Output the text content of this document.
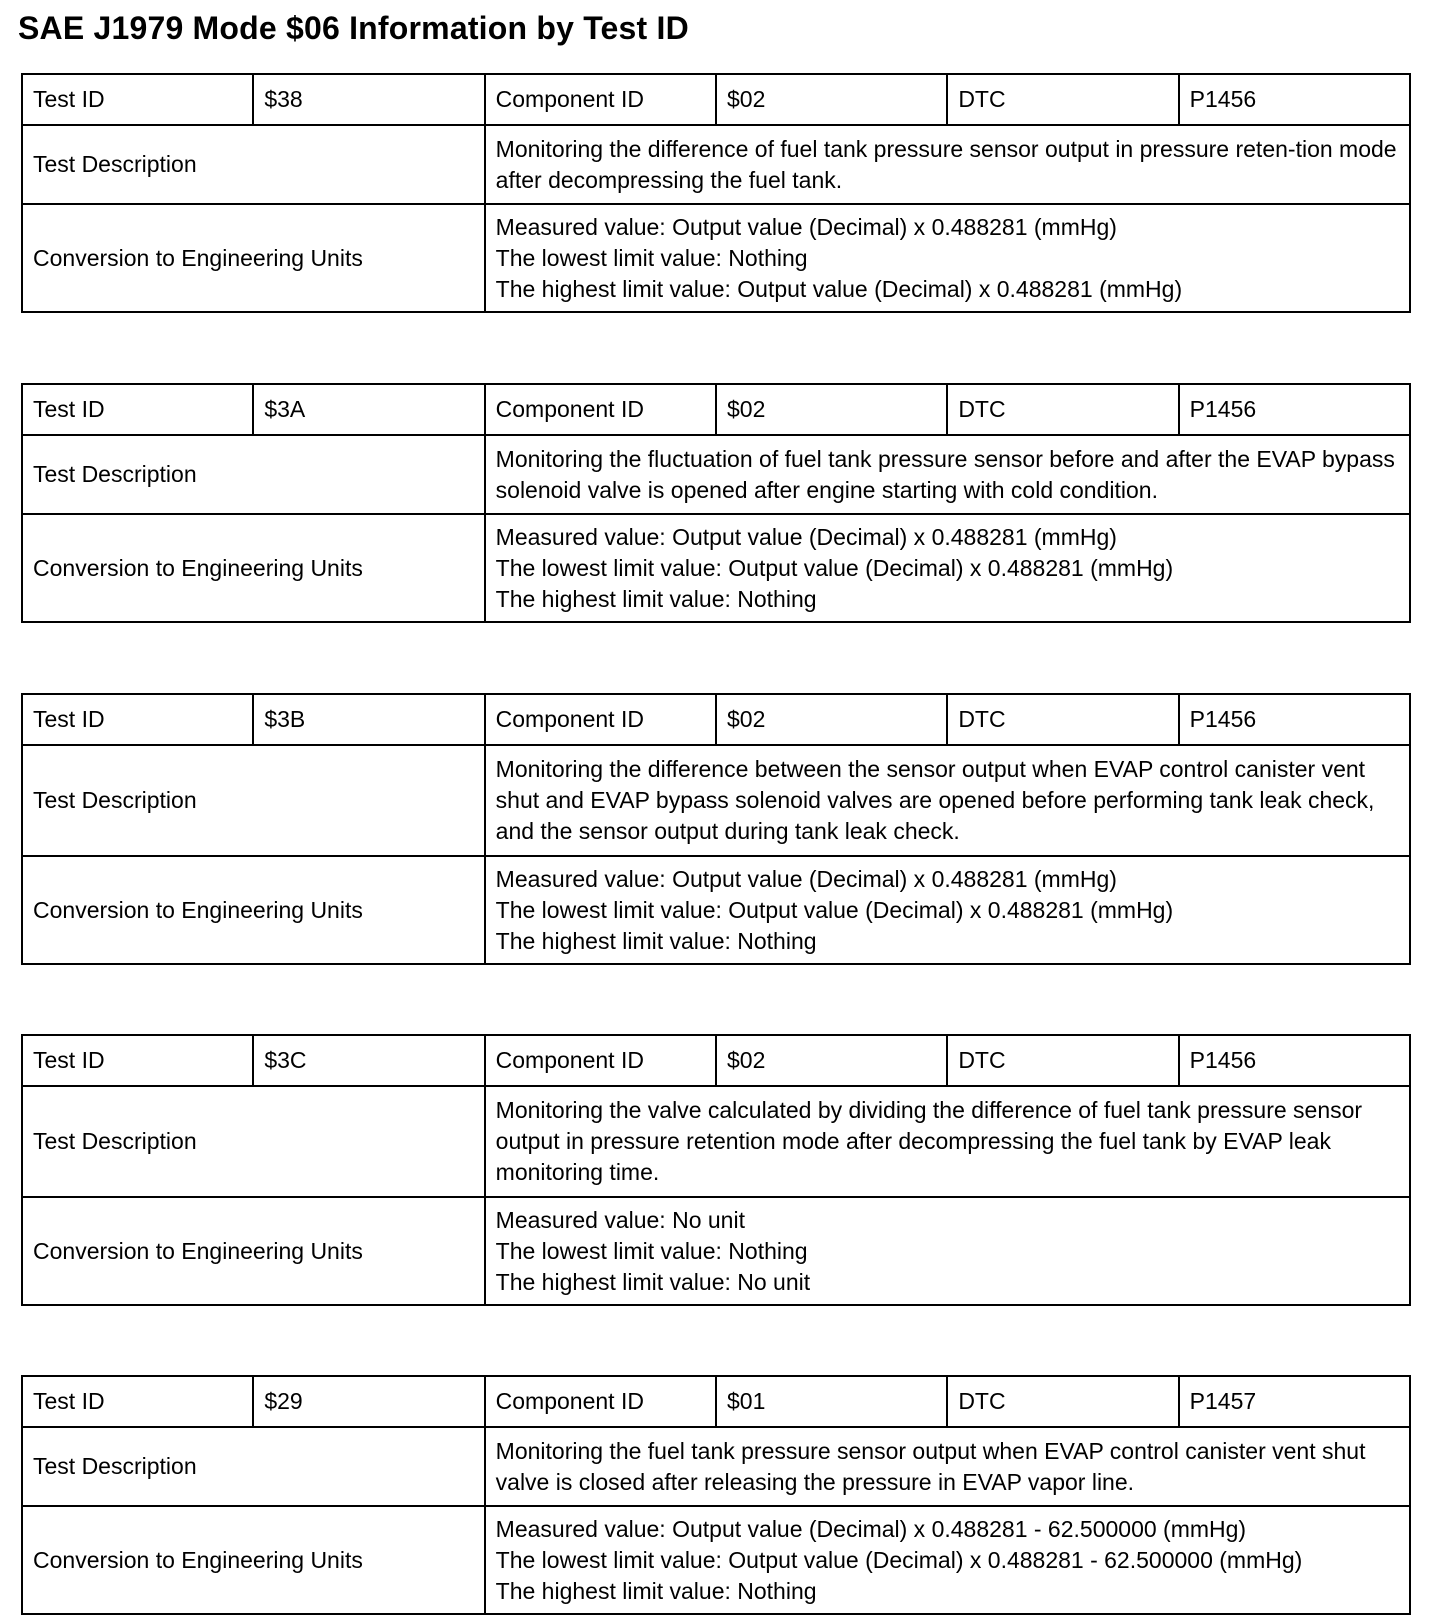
SAE J1979 Mode $06 Information by Test ID
Test ID	$38	Component ID	$02	DTC	P1456
Test Description		Monitoring the difference of fuel tank pressure sensor output in pressure reten-tion mode after decompressing the fuel tank.			
Conversion to Engineering Units		Measured value: Output value (Decimal) x 0.488281 (mmHg)
The lowest limit value: Nothing
The highest limit value: Output value (Decimal) x 0.488281 (mmHg)			
Test ID	$3A	Component ID	$02	DTC	P1456
Test Description		Monitoring the fluctuation of fuel tank pressure sensor before and after the EVAP bypass solenoid valve is opened after engine starting with cold condition.			
Conversion to Engineering Units		Measured value: Output value (Decimal) x 0.488281 (mmHg)
The lowest limit value: Output value (Decimal) x 0.488281 (mmHg)
The highest limit value: Nothing			
Test ID	$3B	Component ID	$02	DTC	P1456
Test Description		Monitoring the difference between the sensor output when EVAP control canister vent shut and EVAP bypass solenoid valves are opened before performing tank leak check, and the sensor output during tank leak check.			
Conversion to Engineering Units		Measured value: Output value (Decimal) x 0.488281 (mmHg)
The lowest limit value: Output value (Decimal) x 0.488281 (mmHg)
The highest limit value: Nothing			
Test ID	$3C	Component ID	$02	DTC	P1456
Test Description		Monitoring the valve calculated by dividing the difference of fuel tank pressure sensor output in pressure retention mode after decompressing the fuel tank by EVAP leak monitoring time.			
Conversion to Engineering Units		Measured value: No unit
The lowest limit value: Nothing
The highest limit value: No unit			
Test ID	$29	Component ID	$01	DTC	P1457
Test Description		Monitoring the fuel tank pressure sensor output when EVAP control canister vent shut valve is closed after releasing the pressure in EVAP vapor line.			
Conversion to Engineering Units		Measured value: Output value (Decimal) x 0.488281 - 62.500000 (mmHg)
The lowest limit value: Output value (Decimal) x 0.488281 - 62.500000 (mmHg)
The highest limit value: Nothing			
